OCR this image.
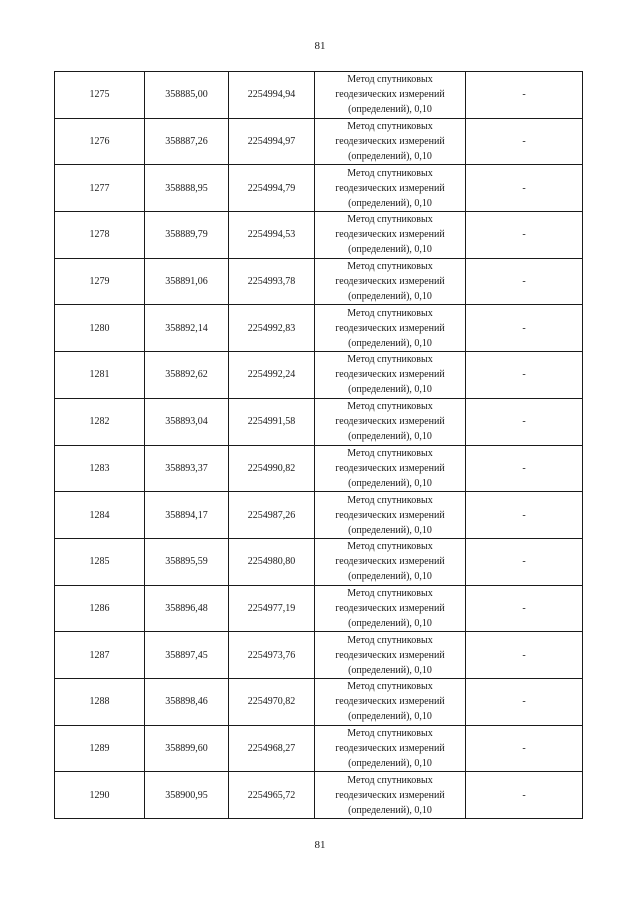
81
1275	358885,00	2254994,94	Метод спутниковых
геодезических измерений
(определений), 0,10	-
1276	358887,26	2254994,97	Метод спутниковых
геодезических измерений
(определений), 0,10	-
1277	358888,95	2254994,79	Метод спутниковых
геодезических измерений
(определений), 0,10	-
1278	358889,79	2254994,53	Метод спутниковых
геодезических измерений
(определений), 0,10	-
1279	358891,06	2254993,78	Метод спутниковых
геодезических измерений
(определений), 0,10	-
1280	358892,14	2254992,83	Метод спутниковых
геодезических измерений
(определений), 0,10	-
1281	358892,62	2254992,24	Метод спутниковых
геодезических измерений
(определений), 0,10	-
1282	358893,04	2254991,58	Метод спутниковых
геодезических измерений
(определений), 0,10	-
1283	358893,37	2254990,82	Метод спутниковых
геодезических измерений
(определений), 0,10	-
1284	358894,17	2254987,26	Метод спутниковых
геодезических измерений
(определений), 0,10	-
1285	358895,59	2254980,80	Метод спутниковых
геодезических измерений
(определений), 0,10	-
1286	358896,48	2254977,19	Метод спутниковых
геодезических измерений
(определений), 0,10	-
1287	358897,45	2254973,76	Метод спутниковых
геодезических измерений
(определений), 0,10	-
1288	358898,46	2254970,82	Метод спутниковых
геодезических измерений
(определений), 0,10	-
1289	358899,60	2254968,27	Метод спутниковых
геодезических измерений
(определений), 0,10	-
1290	358900,95	2254965,72	Метод спутниковых
геодезических измерений
(определений), 0,10	-
81
